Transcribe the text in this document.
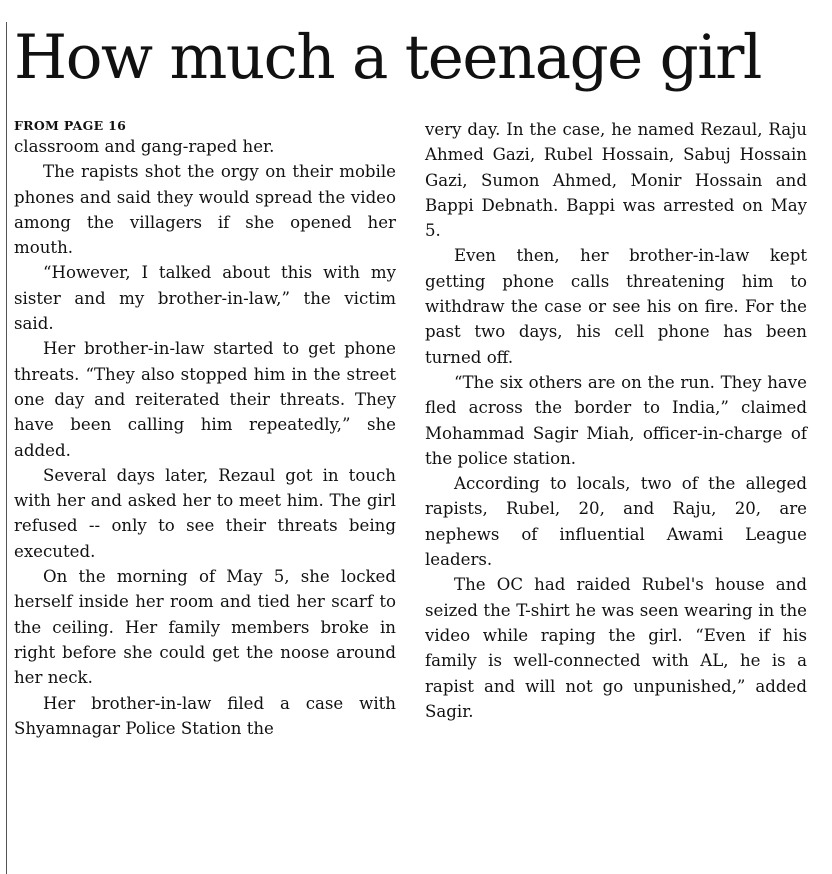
How much a teenage girl

FROM PAGE 16

classroom and gang-raped her.

The rapists shot the orgy on their mobile phones and said they would spread the video among the villagers if she opened her mouth.

“However, I talked about this with my sister and my brother-in-law,” the victim said.

Her brother-in-law started to get phone threats. “They also stopped him in the street one day and reiterated their threats. They have been calling him repeatedly,” she added.

Several days later, Rezaul got in touch with her and asked her to meet him. The girl refused -- only to see their threats being executed.

On the morning of May 5, she locked herself inside her room and tied her scarf to the ceiling. Her family members broke in right before she could get the noose around her neck.

Her brother-in-law filed a case with Shyamnagar Police Station the

very day. In the case, he named Rezaul, Raju Ahmed Gazi, Rubel Hossain, Sabuj Hossain Gazi, Sumon Ahmed, Monir Hossain and Bappi Debnath. Bappi was arrested on May 5.

Even then, her brother-in-law kept getting phone calls threatening him to withdraw the case or see his on fire. For the past two days, his cell phone has been turned off.

“The six others are on the run. They have fled across the border to India,” claimed Mohammad Sagir Miah, officer-in-charge of the police station.

According to locals, two of the alleged rapists, Rubel, 20, and Raju, 20, are nephews of influential Awami League leaders.

The OC had raided Rubel's house and seized the T-shirt he was seen wearing in the video while raping the girl. “Even if his family is well-connected with AL, he is a rapist and will not go unpunished,” added Sagir.
